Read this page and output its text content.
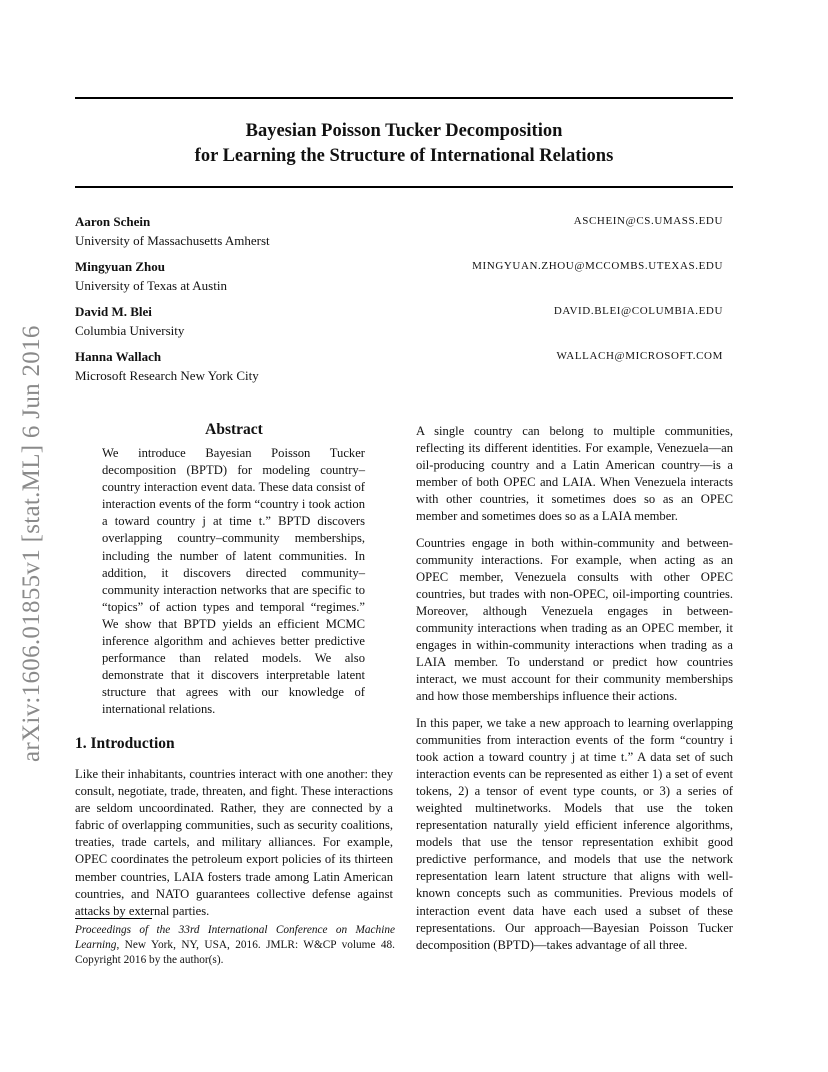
Bayesian Poisson Tucker Decomposition
for Learning the Structure of International Relations
Aaron Schein
University of Massachusetts Amherst
ASCHEIN@CS.UMASS.EDU
Mingyuan Zhou
University of Texas at Austin
MINGYUAN.ZHOU@MCCOMBS.UTEXAS.EDU
David M. Blei
Columbia University
DAVID.BLEI@COLUMBIA.EDU
Hanna Wallach
Microsoft Research New York City
WALLACH@MICROSOFT.COM
arXiv:1606.01855v1 [stat.ML] 6 Jun 2016	Abstract
We introduce Bayesian Poisson Tucker decomposition (BPTD) for modeling country–country interaction event data. These data consist of interaction events of the form “country i took action a toward country j at time t.” BPTD discovers overlapping country–community memberships, including the number of latent communities. In addition, it discovers directed community–community interaction networks that are specific to “topics” of action types and temporal “regimes.” We show that BPTD yields an efficient MCMC inference algorithm and achieves better predictive performance than related models. We also demonstrate that it discovers interpretable latent structure that agrees with our knowledge of international relations.
1. Introduction

Like their inhabitants, countries interact with one another: they consult, negotiate, trade, threaten, and fight. These interactions are seldom uncoordinated. Rather, they are connected by a fabric of overlapping communities, such as security coalitions, treaties, trade cartels, and military alliances. For example, OPEC coordinates the petroleum export policies of its thirteen member countries, LAIA fosters trade among Latin American countries, and NATO guarantees collective defense against attacks by external parties.

Proceedings of the 33rd International Conference on Machine Learning, New York, NY, USA, 2016. JMLR: W&CP volume 48. Copyright 2016 by the author(s).

A single country can belong to multiple communities, reflecting its different identities. For example, Venezuela—an oil-producing country and a Latin American country—is a member of both OPEC and LAIA. When Venezuela interacts with other countries, it sometimes does so as an OPEC member and sometimes does so as a LAIA member.

Countries engage in both within-community and between-community interactions. For example, when acting as an OPEC member, Venezuela consults with other OPEC countries, but trades with non-OPEC, oil-importing countries. Moreover, although Venezuela engages in between-community interactions when trading as an OPEC member, it engages in within-community interactions when trading as a LAIA member. To understand or predict how countries interact, we must account for their community memberships and how those memberships influence their actions.

In this paper, we take a new approach to learning overlapping communities from interaction events of the form “country i took action a toward country j at time t.” A data set of such interaction events can be represented as either 1) a set of event tokens, 2) a tensor of event type counts, or 3) a series of weighted multinetworks. Models that use the token representation naturally yield efficient inference algorithms, models that use the tensor representation exhibit good predictive performance, and models that use the network representation learn latent structure that aligns with well-known concepts such as communities. Previous models of interaction event data have each used a subset of these representations. Our approach—Bayesian Poisson Tucker decomposition (BPTD)—takes advantage of all three.
